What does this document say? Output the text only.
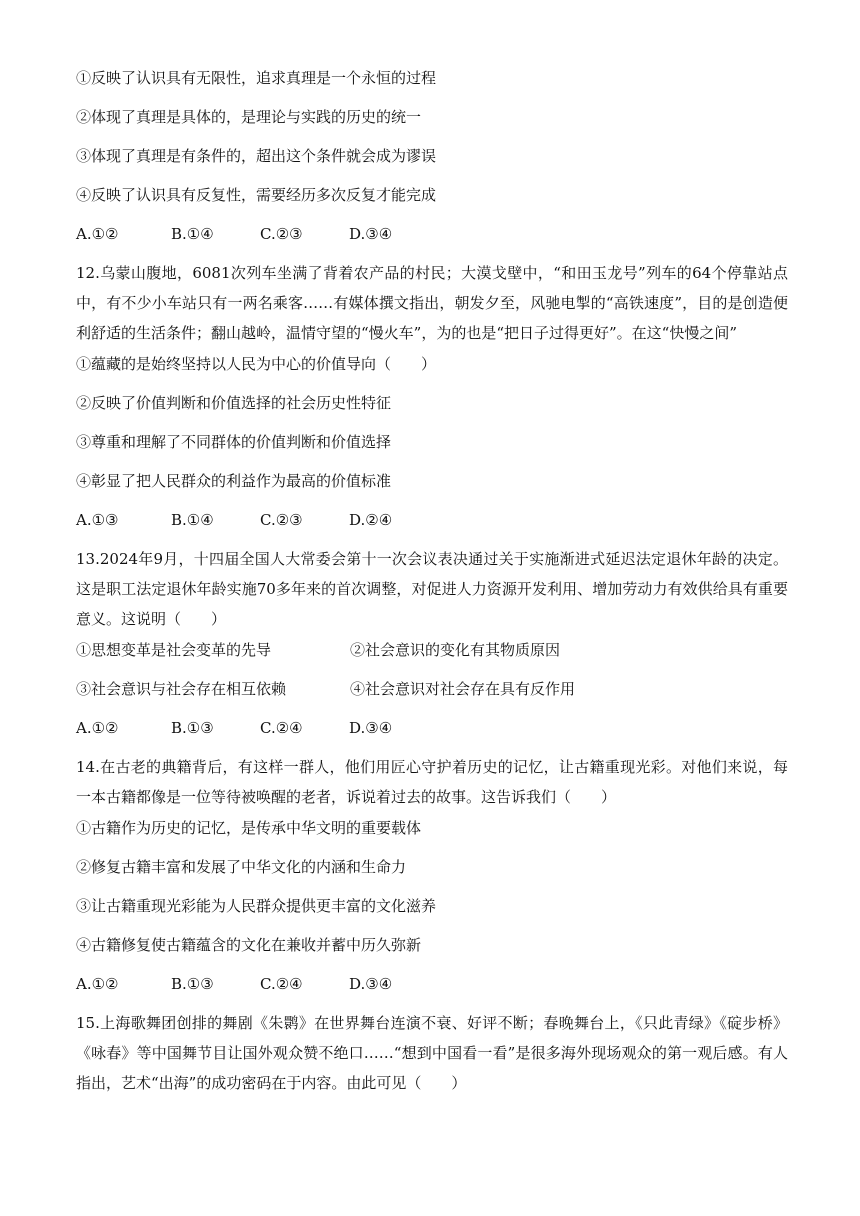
①反映了认识具有无限性，追求真理是一个永恒的过程
②体现了真理是具体的，是理论与实践的历史的统一
③体现了真理是有条件的，超出这个条件就会成为谬误
④反映了认识具有反复性，需要经历多次反复才能完成
A.①②	B.①④	C.②③	D.③④
12.乌蒙山腹地，6081次列车坐满了背着农产品的村民；大漠戈壁中，“和田玉龙号”列车的64个停靠站点中，有不少小车站只有一两名乘客……有媒体撰文指出，朝发夕至，风驰电掣的“高铁速度”，目的是创造便利舒适的生活条件；翻山越岭，温情守望的“慢火车”，为的也是“把日子过得更好”。在这“快慢之间”
①蕴藏的是始终坚持以人民为中心的价值导向（　　）
②反映了价值判断和价值选择的社会历史性特征
③尊重和理解了不同群体的价值判断和价值选择
④彰显了把人民群众的利益作为最高的价值标准
A.①③	B.①④	C.②③	D.②④
13.2024年9月，十四届全国人大常委会第十一次会议表决通过关于实施渐进式延迟法定退休年龄的决定。这是职工法定退休年龄实施70多年来的首次调整，对促进人力资源开发利用、增加劳动力有效供给具有重要意义。这说明（　　）
①思想变革是社会变革的先导	②社会意识的变化有其物质原因
③社会意识与社会存在相互依赖	④社会意识对社会存在具有反作用
A.①②	B.①③	C.②④	D.③④
14.在古老的典籍背后，有这样一群人，他们用匠心守护着历史的记忆，让古籍重现光彩。对他们来说，每一本古籍都像是一位等待被唤醒的老者，诉说着过去的故事。这告诉我们（　　）
①古籍作为历史的记忆，是传承中华文明的重要载体
②修复古籍丰富和发展了中华文化的内涵和生命力
③让古籍重现光彩能为人民群众提供更丰富的文化滋养
④古籍修复使古籍蕴含的文化在兼收并蓄中历久弥新
A.①②	B.①③	C.②④	D.③④
15.上海歌舞团创排的舞剧《朱鹮》在世界舞台连演不衰、好评不断；春晚舞台上，《只此青绿》《碇步桥》《咏春》等中国舞节目让国外观众赞不绝口……“想到中国看一看”是很多海外现场观众的第一观后感。有人指出，艺术“出海”的成功密码在于内容。由此可见（　　）
